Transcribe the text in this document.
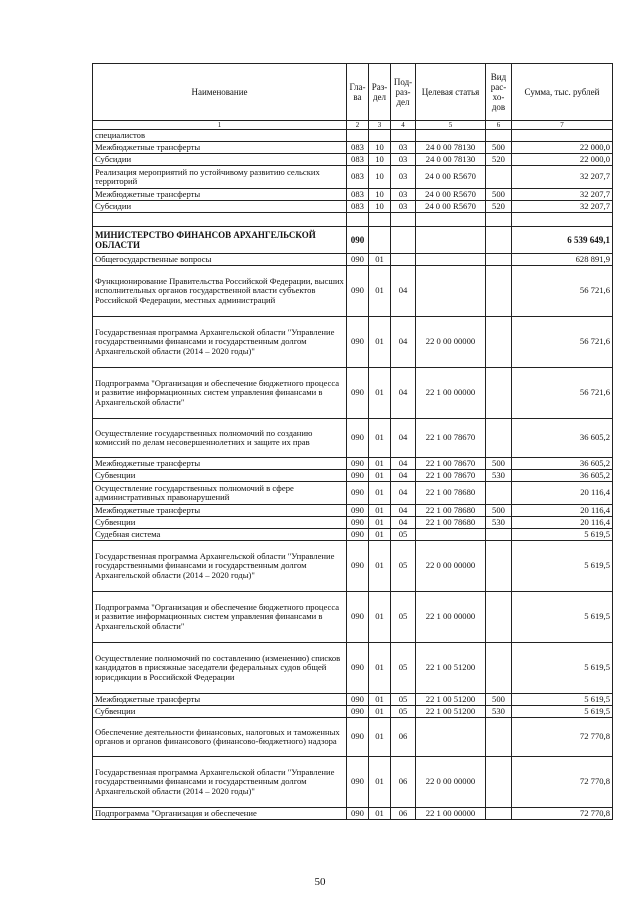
Наименование	Гла-ва	Раз-дел	Под-раз-дел	Целевая статья	Вид рас-хо-дов	Сумма, тыс. рублей
1	2	3	4	5	6	7
специалистов						
Межбюджетные трансферты	083	10	03	24 0 00 78130	500	22 000,0
Субсидии	083	10	03	24 0 00 78130	520	22 000,0
Реализация мероприятий по устойчивому развитию сельских территорий	083	10	03	24 0 00 R5670		32 207,7
Межбюджетные трансферты	083	10	03	24 0 00 R5670	500	32 207,7
Субсидии	083	10	03	24 0 00 R5670	520	32 207,7

МИНИСТЕРСТВО ФИНАНСОВ АРХАНГЕЛЬСКОЙ ОБЛАСТИ	090					6 539 649,1
Общегосударственные вопросы	090	01				628 891,9
Функционирование Правительства Российской Федерации, высших исполнительных органов государственной власти субъектов Российской Федерации, местных администраций	090	01	04			56 721,6
Государственная программа Архангельской области "Управление государственными финансами и государственным долгом Архангельской области (2014 – 2020 годы)"	090	01	04	22 0 00 00000		56 721,6
Подпрограмма "Организация и обеспечение бюджетного процесса и развитие информационных систем управления финансами в Архангельской области"	090	01	04	22 1 00 00000		56 721,6
Осуществление государственных полномочий по созданию комиссий по делам несовершеннолетних и защите их прав	090	01	04	22 1 00 78670		36 605,2
Межбюджетные трансферты	090	01	04	22 1 00 78670	500	36 605,2
Субвенции	090	01	04	22 1 00 78670	530	36 605,2
Осуществление государственных полномочий в сфере административных правонарушений	090	01	04	22 1 00 78680		20 116,4
Межбюджетные трансферты	090	01	04	22 1 00 78680	500	20 116,4
Субвенции	090	01	04	22 1 00 78680	530	20 116,4
Судебная система	090	01	05			5 619,5
Государственная программа Архангельской области "Управление государственными финансами и государственным долгом Архангельской области (2014 – 2020 годы)"	090	01	05	22 0 00 00000		5 619,5
Подпрограмма "Организация и обеспечение бюджетного процесса и развитие информационных систем управления финансами в Архангельской области"	090	01	05	22 1 00 00000		5 619,5
Осуществление полномочий по составлению (изменению) списков кандидатов в присяжные заседатели федеральных судов общей юрисдикции в Российской Федерации	090	01	05	22 1 00 51200		5 619,5
Межбюджетные трансферты	090	01	05	22 1 00 51200	500	5 619,5
Субвенции	090	01	05	22 1 00 51200	530	5 619,5
Обеспечение деятельности финансовых, налоговых и таможенных органов и органов финансового (финансово-бюджетного) надзора	090	01	06			72 770,8
Государственная программа Архангельской области "Управление государственными финансами и государственным долгом Архангельской области (2014 – 2020 годы)"	090	01	06	22 0 00 00000		72 770,8
Подпрограмма "Организация и обеспечение	090	01	06	22 1 00 00000		72 770,8
50
